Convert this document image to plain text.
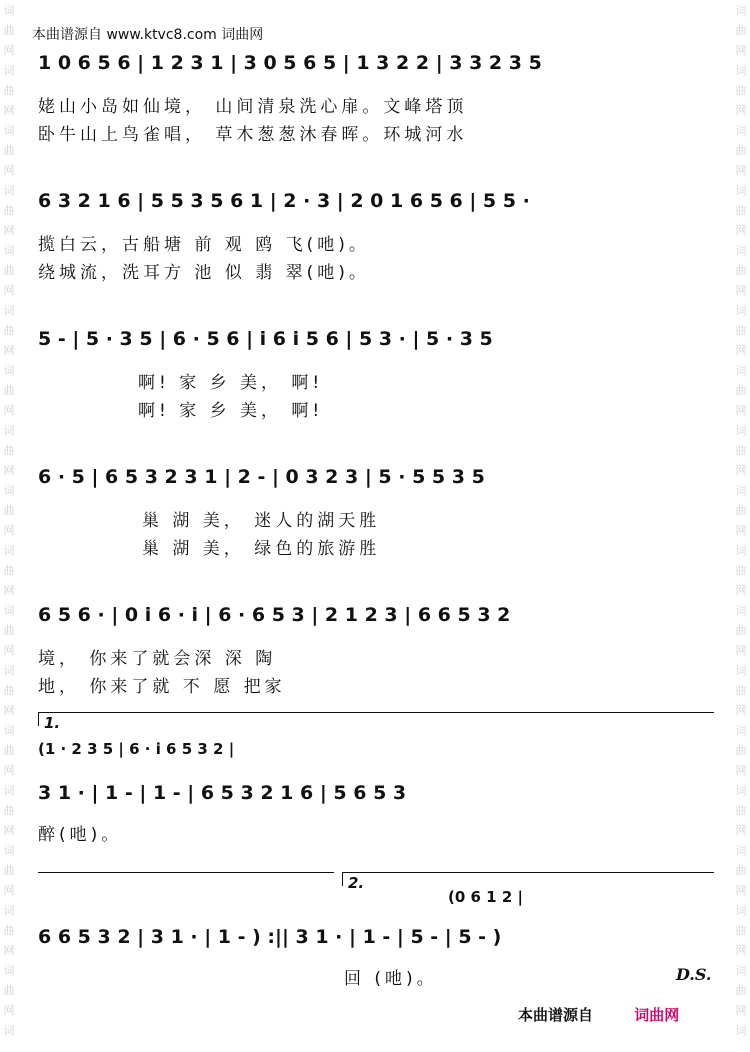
词
曲
网
词
曲
网
词
曲
网
词
曲
网
词
曲
网
词
曲
网
词
曲
网
词
曲
网
词
曲
网
词
曲
网
词
曲
网
词
曲
网
词
曲
网
词
曲
网
词
曲
网
词
曲
网
词
曲
网
词
词
曲
网
词
曲
网
词
曲
网
词
曲
网
词
曲
网
词
曲
网
词
曲
网
词
曲
网
词
曲
网
词
曲
网
词
曲
网
词
曲
网
词
曲
网
词
曲
网
词
曲
网
词
曲
网
词
曲
网
词
本曲谱源自 www.ktvc8.com 词曲网
1 0 6 5 6 | 1 2 3 1 | 3 0 5 6 5 | 1 3 2 2 | 3 3 2 3 5
姥山小岛如仙境， 山间清泉洗心扉。文峰塔顶
卧牛山上鸟雀唱， 草木葱葱沐春晖。环城河水
6 3 2 1 6 | 5 5 3 5 6 1 | 2 · 3 | 2 0 1 6 5 6 | 5 5 ·
揽白云，古船塘 前 观 鸥 飞(吔)。
绕城流，洗耳方 池 似 翡 翠(吔)。
5 - | 5 · 3 5 | 6 · 5 6 | i 6 i 5 6 | 5 3 · | 5 · 3 5
啊! 家 乡 美， 啊!
啊! 家 乡 美， 啊!
6 · 5 | 6 5 3 2 3 1 | 2 - | 0 3 2 3 | 5 · 5 5 3 5
巢 湖 美， 迷人的湖天胜
巢 湖 美， 绿色的旅游胜
6 5 6 · | 0 i 6 · i | 6 · 6 5 3 | 2 1 2 3 | 6 6 5 3 2
境， 你来了就会深 深 陶
地， 你来了就 不 愿 把家
1.
(1 · 2 3 5 | 6 · i 6 5 3 2 |
3 1 · | 1 - | 1 - | 6 5 3 2 1 6 | 5 6 5 3
醉(吔)。
2.
(0 6 1 2 |
6 6 5 3 2 | 3 1 · | 1 - ) :|| 3 1 · | 1 - | 5 - | 5 - )
回 (吔)。	D.S.
本曲谱源自	词曲网
